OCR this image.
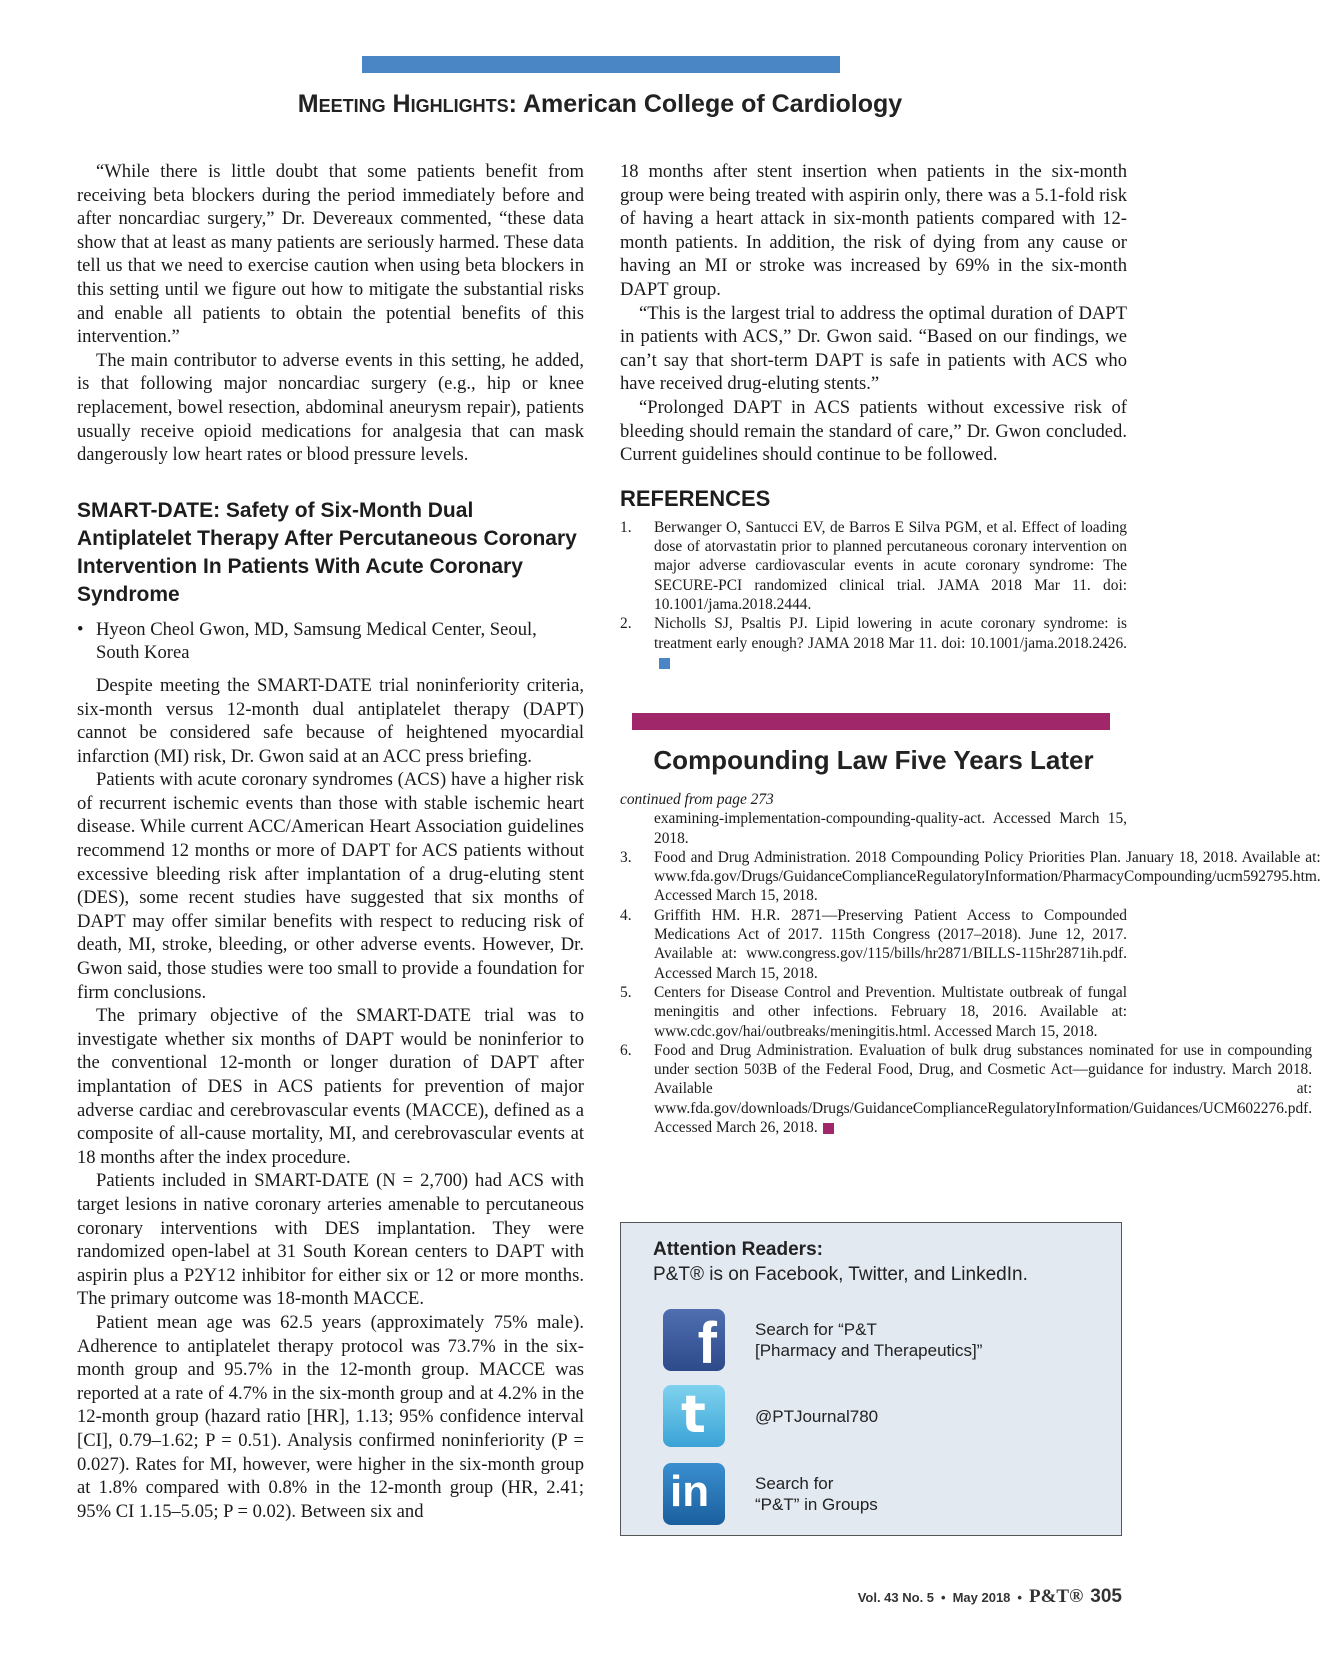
Meeting Highlights: American College of Cardiology

“While there is little doubt that some patients benefit from receiving beta blockers during the period immediately before and after noncardiac surgery,” Dr. Devereaux commented, “these data show that at least as many patients are seriously harmed. These data tell us that we need to exercise caution when using beta blockers in this setting until we figure out how to mitigate the substantial risks and enable all patients to obtain the potential benefits of this intervention.”

The main contributor to adverse events in this setting, he added, is that following major noncardiac surgery (e.g., hip or knee replacement, bowel resection, abdominal aneurysm repair), patients usually receive opioid medications for analgesia that can mask dangerously low heart rates or blood pressure levels.

SMART-DATE: Safety of Six-Month Dual Antiplatelet Therapy After Percutaneous Coronary Intervention In Patients With Acute Coronary Syndrome
• Hyeon Cheol Gwon, MD, Samsung Medical Center, Seoul, South Korea

Despite meeting the SMART-DATE trial noninferiority criteria, six-month versus 12-month dual antiplatelet therapy (DAPT) cannot be considered safe because of heightened myocardial infarction (MI) risk, Dr. Gwon said at an ACC press briefing.

Patients with acute coronary syndromes (ACS) have a higher risk of recurrent ischemic events than those with stable ischemic heart disease. While current ACC/American Heart Association guidelines recommend 12 months or more of DAPT for ACS patients without excessive bleeding risk after implantation of a drug-eluting stent (DES), some recent studies have suggested that six months of DAPT may offer similar benefits with respect to reducing risk of death, MI, stroke, bleeding, or other adverse events. However, Dr. Gwon said, those studies were too small to provide a foundation for firm conclusions.

The primary objective of the SMART-DATE trial was to investigate whether six months of DAPT would be noninferior to the conventional 12-month or longer duration of DAPT after implantation of DES in ACS patients for prevention of major adverse cardiac and cerebrovascular events (MACCE), defined as a composite of all-cause mortality, MI, and cerebrovascular events at 18 months after the index procedure.

Patients included in SMART-DATE (N = 2,700) had ACS with target lesions in native coronary arteries amenable to percutaneous coronary interventions with DES implantation. They were randomized open-label at 31 South Korean centers to DAPT with aspirin plus a P2Y12 inhibitor for either six or 12 or more months. The primary outcome was 18-month MACCE.

Patient mean age was 62.5 years (approximately 75% male). Adherence to antiplatelet therapy protocol was 73.7% in the six-month group and 95.7% in the 12-month group. MACCE was reported at a rate of 4.7% in the six-month group and at 4.2% in the 12-month group (hazard ratio [HR], 1.13; 95% confidence interval [CI], 0.79–1.62; P = 0.51). Analysis confirmed noninferiority (P = 0.027). Rates for MI, however, were higher in the six-month group at 1.8% compared with 0.8% in the 12-month group (HR, 2.41; 95% CI 1.15–5.05; P = 0.02). Between six and

18 months after stent insertion when patients in the six-month group were being treated with aspirin only, there was a 5.1-fold risk of having a heart attack in six-month patients compared with 12-month patients. In addition, the risk of dying from any cause or having an MI or stroke was increased by 69% in the six-month DAPT group.

“This is the largest trial to address the optimal duration of DAPT in patients with ACS,” Dr. Gwon said. “Based on our findings, we can’t say that short-term DAPT is safe in patients with ACS who have received drug-eluting stents.”

“Prolonged DAPT in ACS patients without excessive risk of bleeding should remain the standard of care,” Dr. Gwon concluded. Current guidelines should continue to be followed.

REFERENCES
1.	Berwanger O, Santucci EV, de Barros E Silva PGM, et al. Effect of loading dose of atorvastatin prior to planned percutaneous coronary intervention on major adverse cardiovascular events in acute coronary syndrome: The SECURE-PCI randomized clinical trial. JAMA 2018 Mar 11. doi: 10.1001/jama.2018.2444.
2.	Nicholls SJ, Psaltis PJ. Lipid lowering in acute coronary syndrome: is treatment early enough? JAMA 2018 Mar 11. doi: 10.1001/jama.2018.2426.
Compounding Law Five Years Later
continued from page 273
examining-implementation-compounding-quality-act. Accessed March 15, 2018.
3.	Food and Drug Administration. 2018 Compounding Policy Priorities Plan. January 18, 2018. Available at: www.fda.gov/Drugs/GuidanceComplianceRegulatoryInformation/PharmacyCompounding/ucm592795.htm. Accessed March 15, 2018.
4.	Griffith HM. H.R. 2871—Preserving Patient Access to Compounded Medications Act of 2017. 115th Congress (2017–2018). June 12, 2017. Available at: www.congress.gov/115/bills/hr2871/BILLS-115hr2871ih.pdf. Accessed March 15, 2018.
5.	Centers for Disease Control and Prevention. Multistate outbreak of fungal meningitis and other infections. February 18, 2016. Available at: www.cdc.gov/hai/outbreaks/meningitis.html. Accessed March 15, 2018.
6.	Food and Drug Administration. Evaluation of bulk drug substances nominated for use in compounding under section 503B of the Federal Food, Drug, and Cosmetic Act—guidance for industry. March 2018. Available at: www.fda.gov/downloads/Drugs/GuidanceComplianceRegulatoryInformation/Guidances/UCM602276.pdf. Accessed March 26, 2018.
Attention Readers:
P&T® is on Facebook, Twitter, and LinkedIn.
f Search for “P&T
[Pharmacy and Therapeutics]”
t	@PTJournal780
in	Search for
“P&T” in Groups
Vol. 43 No. 5 • May 2018 • P&T® 305
